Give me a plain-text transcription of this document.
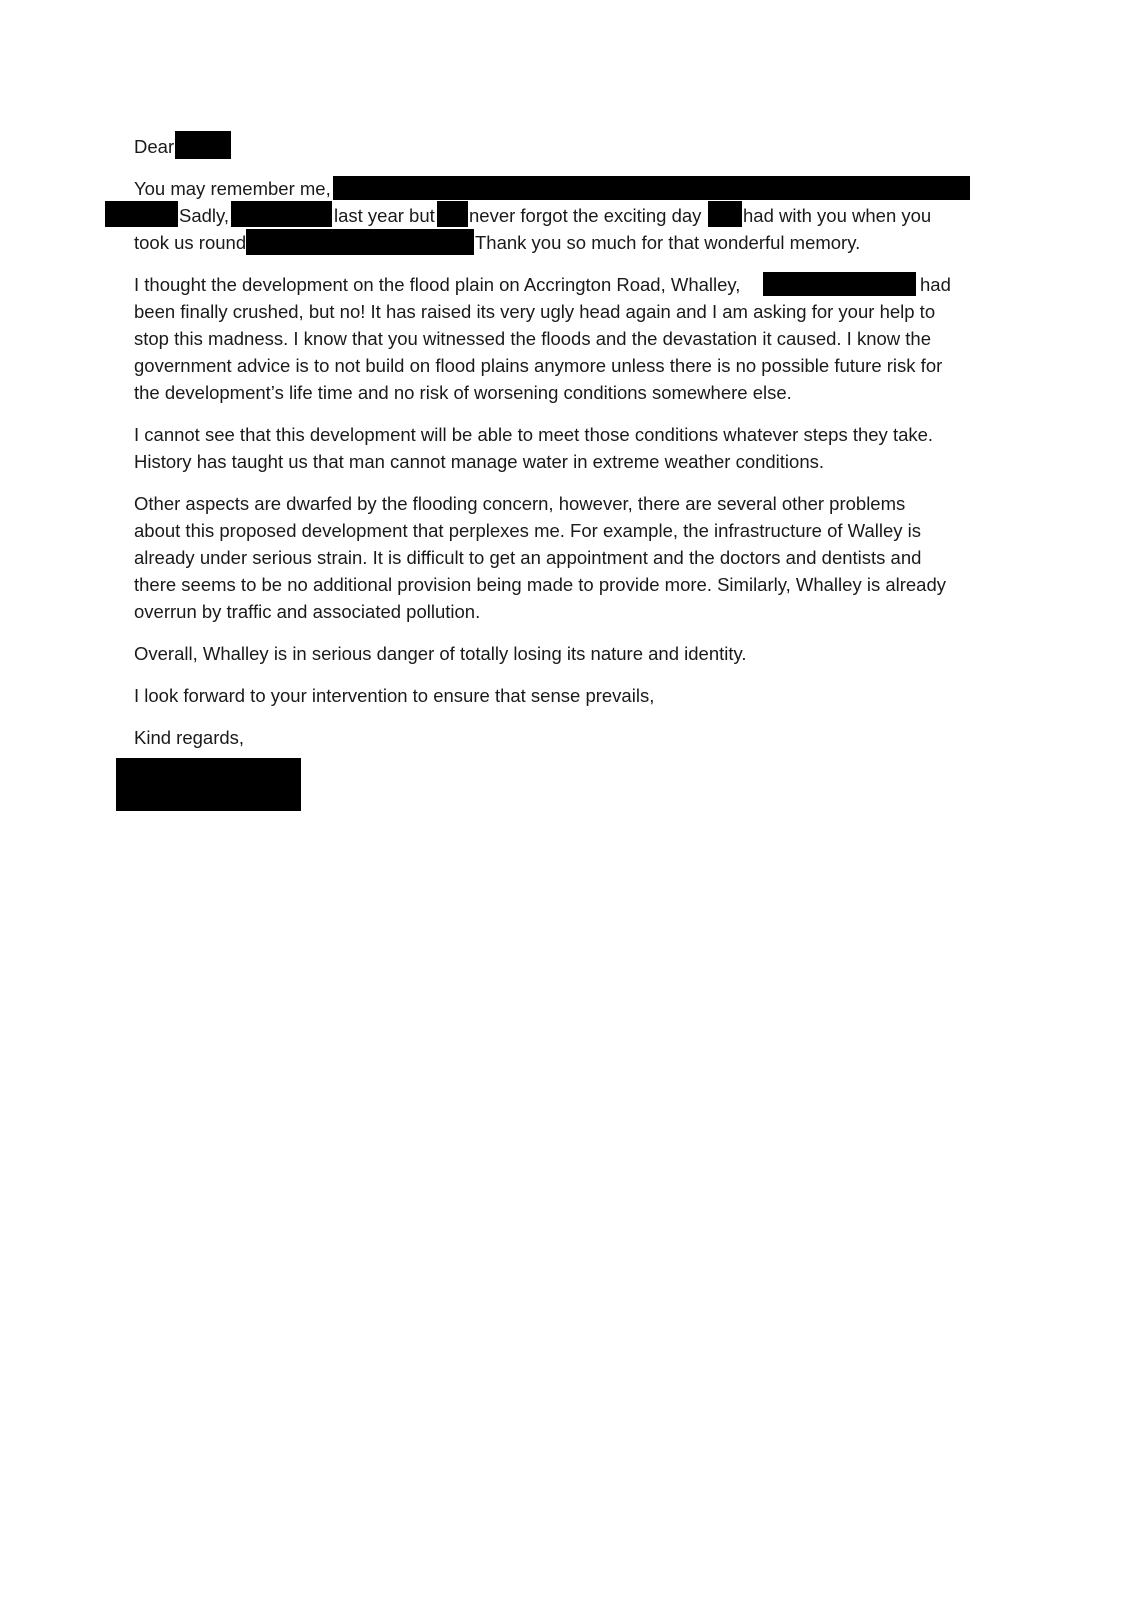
Dear
You may remember me,
Sadly,	last year but never forgot the exciting day had with you when you
took us round	Thank you so much for that wonderful memory.
I thought the development on the flood plain on Accrington Road, Whalley,	had
been finally crushed, but no! It has raised its very ugly head again and I am asking for your help to
stop this madness. I know that you witnessed the floods and the devastation it caused. I know the
government advice is to not build on flood plains anymore unless there is no possible future risk for
the development’s life time and no risk of worsening conditions somewhere else.
I cannot see that this development will be able to meet those conditions whatever steps they take.
History has taught us that man cannot manage water in extreme weather conditions.
Other aspects are dwarfed by the flooding concern, however, there are several other problems
about this proposed development that perplexes me. For example, the infrastructure of Walley is
already under serious strain. It is difficult to get an appointment and the doctors and dentists and
there seems to be no additional provision being made to provide more. Similarly, Whalley is already
overrun by traffic and associated pollution.
Overall, Whalley is in serious danger of totally losing its nature and identity.
I look forward to your intervention to ensure that sense prevails,
Kind regards,
